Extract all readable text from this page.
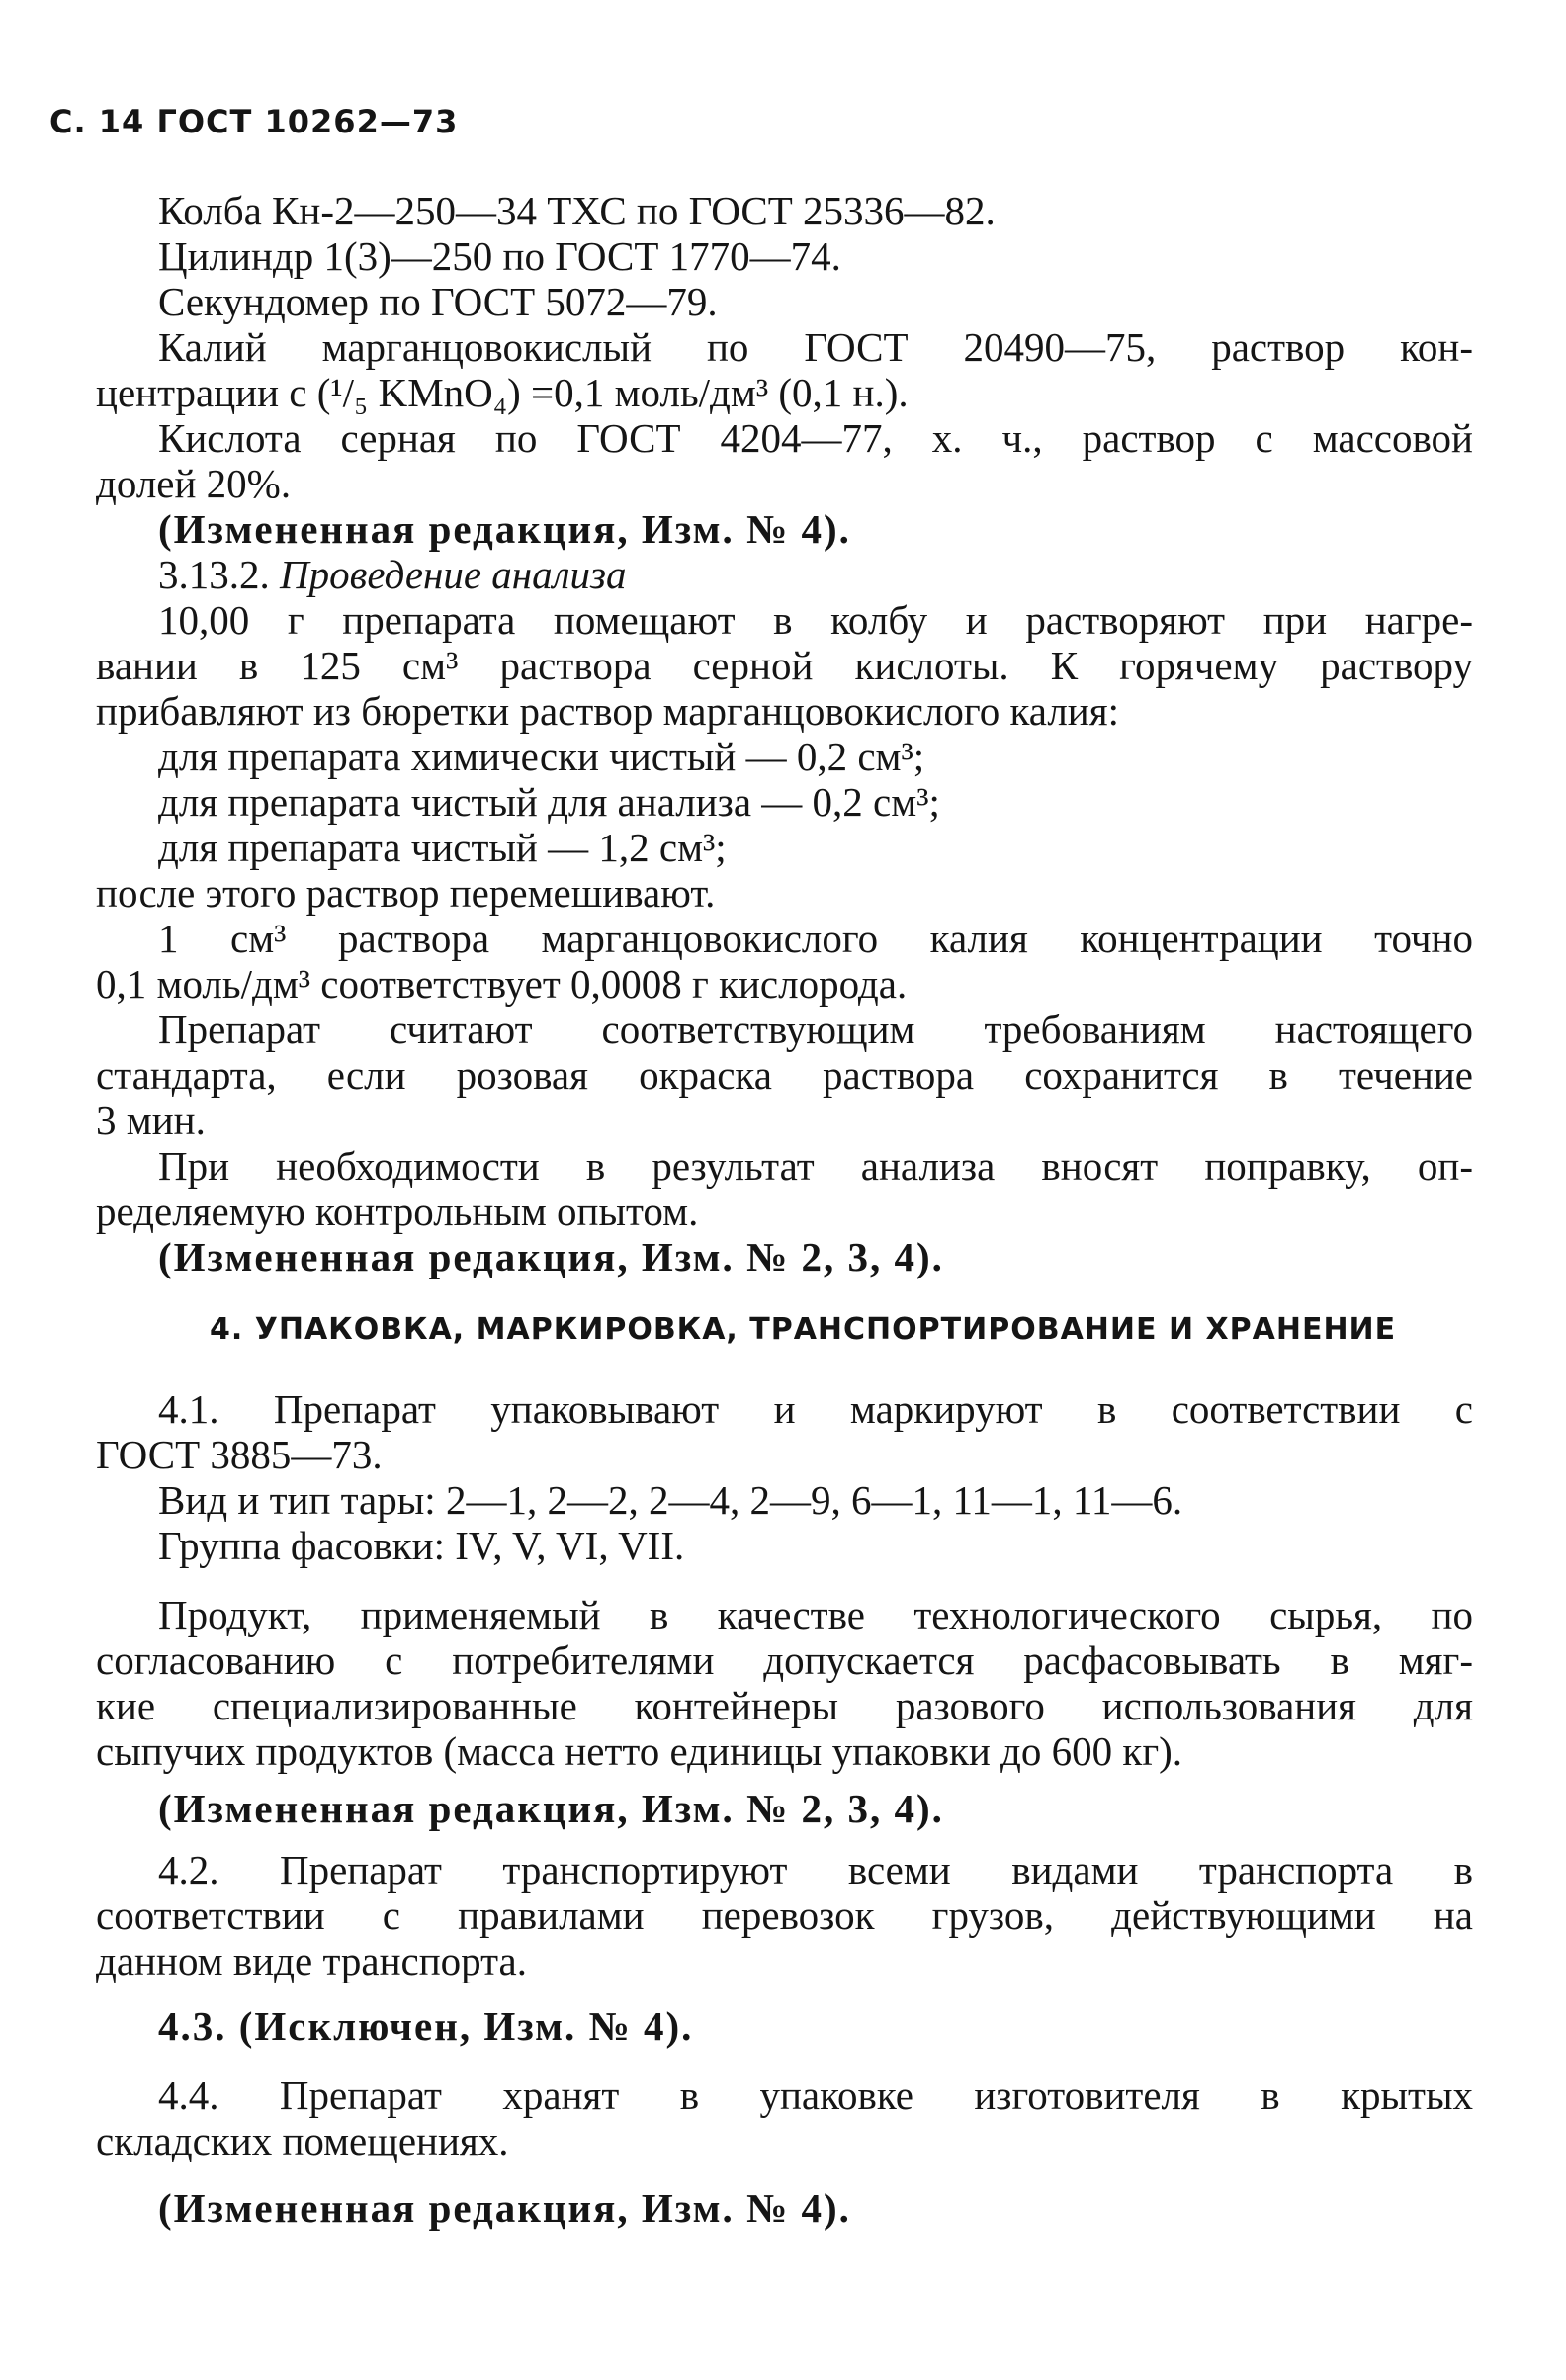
С. 14 ГОСТ 10262—73
Колба Кн-2—250—34 ТХС по ГОСТ 25336—82.
Цилиндр 1(3)—250 по ГОСТ 1770—74.
Секундомер по ГОСТ 5072—79.
Калий марганцовокислый по ГОСТ 20490—75, раствор кон-
центрации с (¹/₅ KMnO₄) =0,1 моль/дм³ (0,1 н.).
Кислота серная по ГОСТ 4204—77, х. ч., раствор с массовой
долей 20%.
(Измененная редакция, Изм. № 4).
3.13.2. Проведение анализа
10,00 г препарата помещают в колбу и растворяют при нагре-
вании в 125 см³ раствора серной кислоты. К горячему раствору
прибавляют из бюретки раствор марганцовокислого калия:
для препарата химически чистый — 0,2 см³;
для препарата чистый для анализа — 0,2 см³;
для препарата чистый — 1,2 см³;
после этого раствор перемешивают.
1 см³ раствора марганцовокислого калия концентрации точно
0,1 моль/дм³ соответствует 0,0008 г кислорода.
Препарат считают соответствующим требованиям настоящего
стандарта, если розовая окраска раствора сохранится в течение
3 мин.
При необходимости в результат анализа вносят поправку, оп-
ределяемую контрольным опытом.
(Измененная редакция, Изм. № 2, 3, 4).
4. УПАКОВКА, МАРКИРОВКА, ТРАНСПОРТИРОВАНИЕ И ХРАНЕНИЕ
4.1. Препарат упаковывают и маркируют в соответствии с
ГОСТ 3885—73.
Вид и тип тары: 2—1, 2—2, 2—4, 2—9, 6—1, 11—1, 11—6.
Группа фасовки: IV, V, VI, VII.
Продукт, применяемый в качестве технологического сырья, по
согласованию с потребителями допускается расфасовывать в мяг-
кие специализированные контейнеры разового использования для
сыпучих продуктов (масса нетто единицы упаковки до 600 кг).
(Измененная редакция, Изм. № 2, 3, 4).
4.2. Препарат транспортируют всеми видами транспорта в
соответствии с правилами перевозок грузов, действующими на
данном виде транспорта.
4.3. (Исключен, Изм. № 4).
4.4. Препарат хранят в упаковке изготовителя в крытых
складских помещениях.
(Измененная редакция, Изм. № 4).
